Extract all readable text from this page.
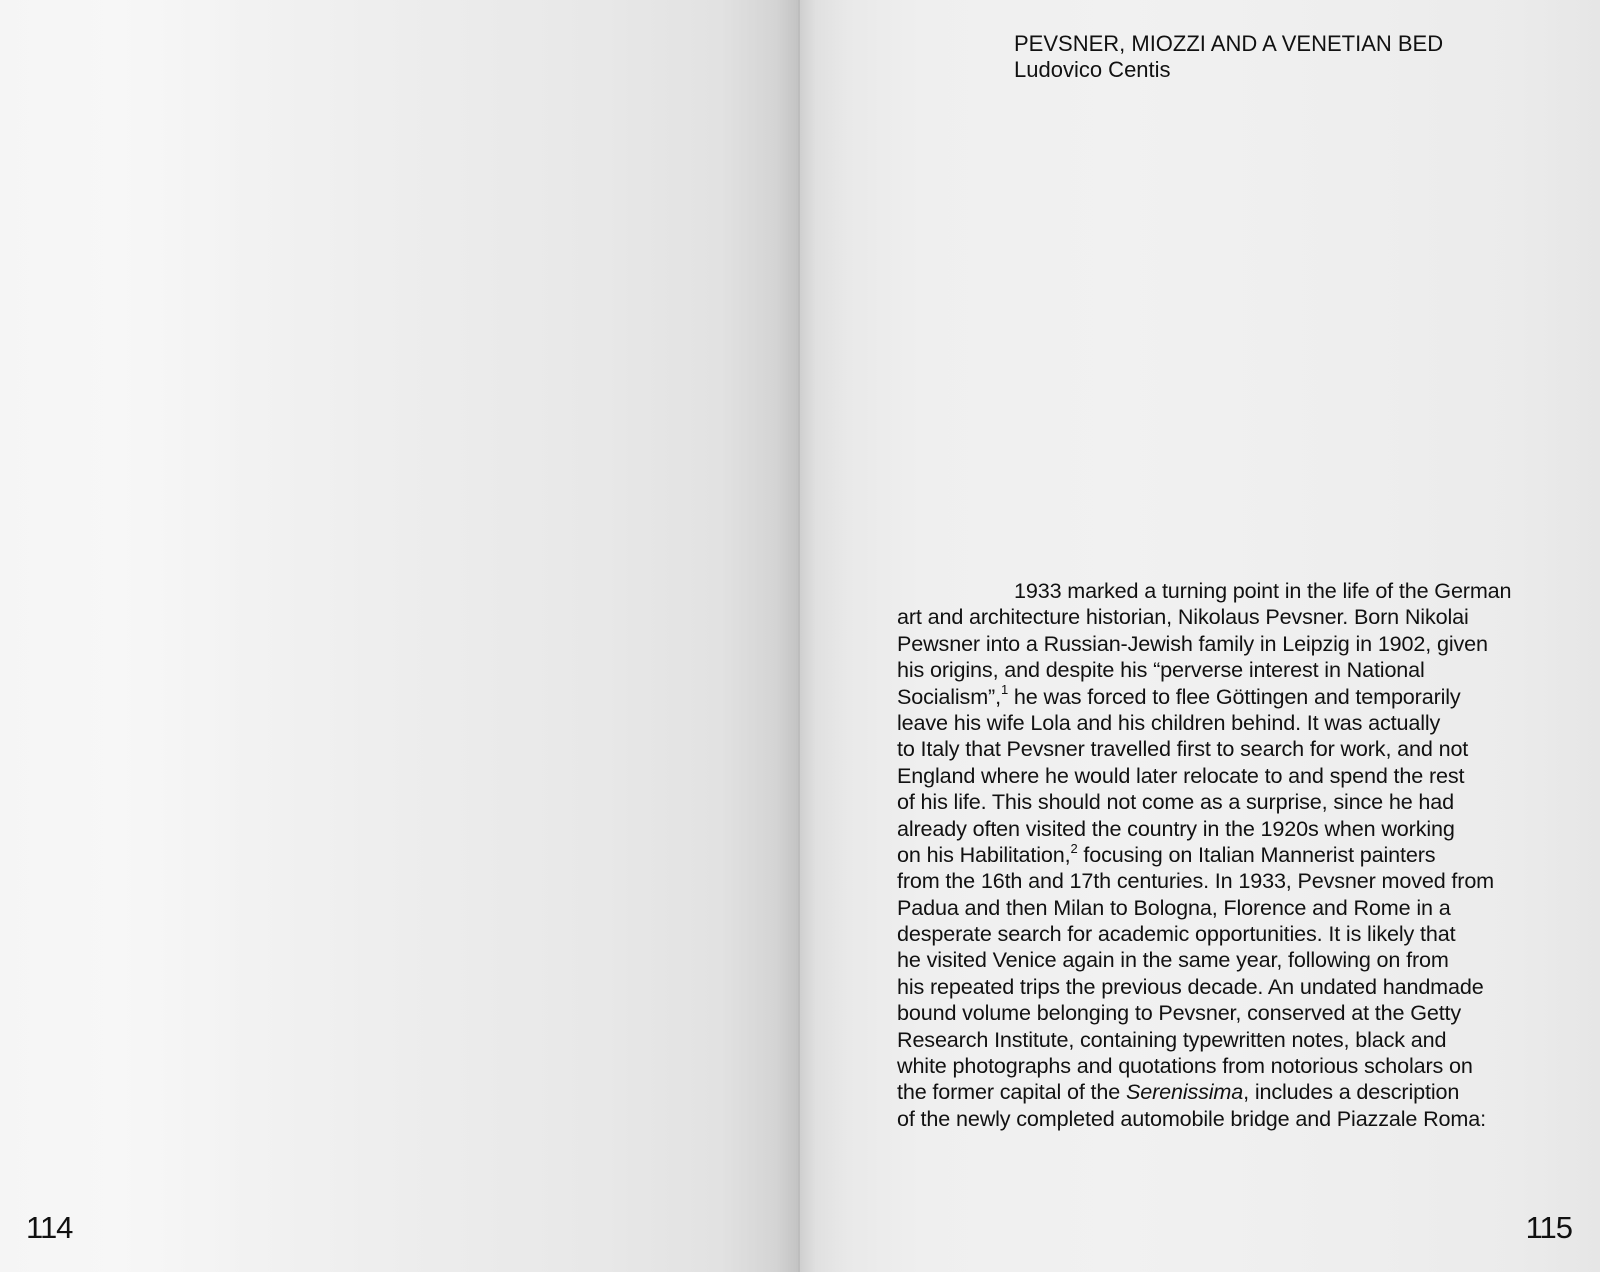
114
PEVSNER, MIOZZI AND A VENETIAN BED
Ludovico Centis
1933 marked a turning point in the life of the German
art and architecture historian, Nikolaus Pevsner. Born Nikolai
Pewsner into a Russian-Jewish family in Leipzig in 1902, given
his origins, and despite his “perverse interest in National
Socialism”,$^1$ he was forced to flee Göttingen and temporarily
leave his wife Lola and his children behind. It was actually
to Italy that Pevsner travelled first to search for work, and not
England where he would later relocate to and spend the rest
of his life. This should not come as a surprise, since he had
already often visited the country in the 1920s when working
on his Habilitation,$^2$ focusing on Italian Mannerist painters
from the 16th and 17th centuries. In 1933, Pevsner moved from
Padua and then Milan to Bologna, Florence and Rome in a
desperate search for academic opportunities. It is likely that
he visited Venice again in the same year, following on from
his repeated trips the previous decade. An undated handmade
bound volume belonging to Pevsner, conserved at the Getty
Research Institute, containing typewritten notes, black and
white photographs and quotations from notorious scholars on
the former capital of the Serenissima, includes a description
of the newly completed automobile bridge and Piazzale Roma:
115
